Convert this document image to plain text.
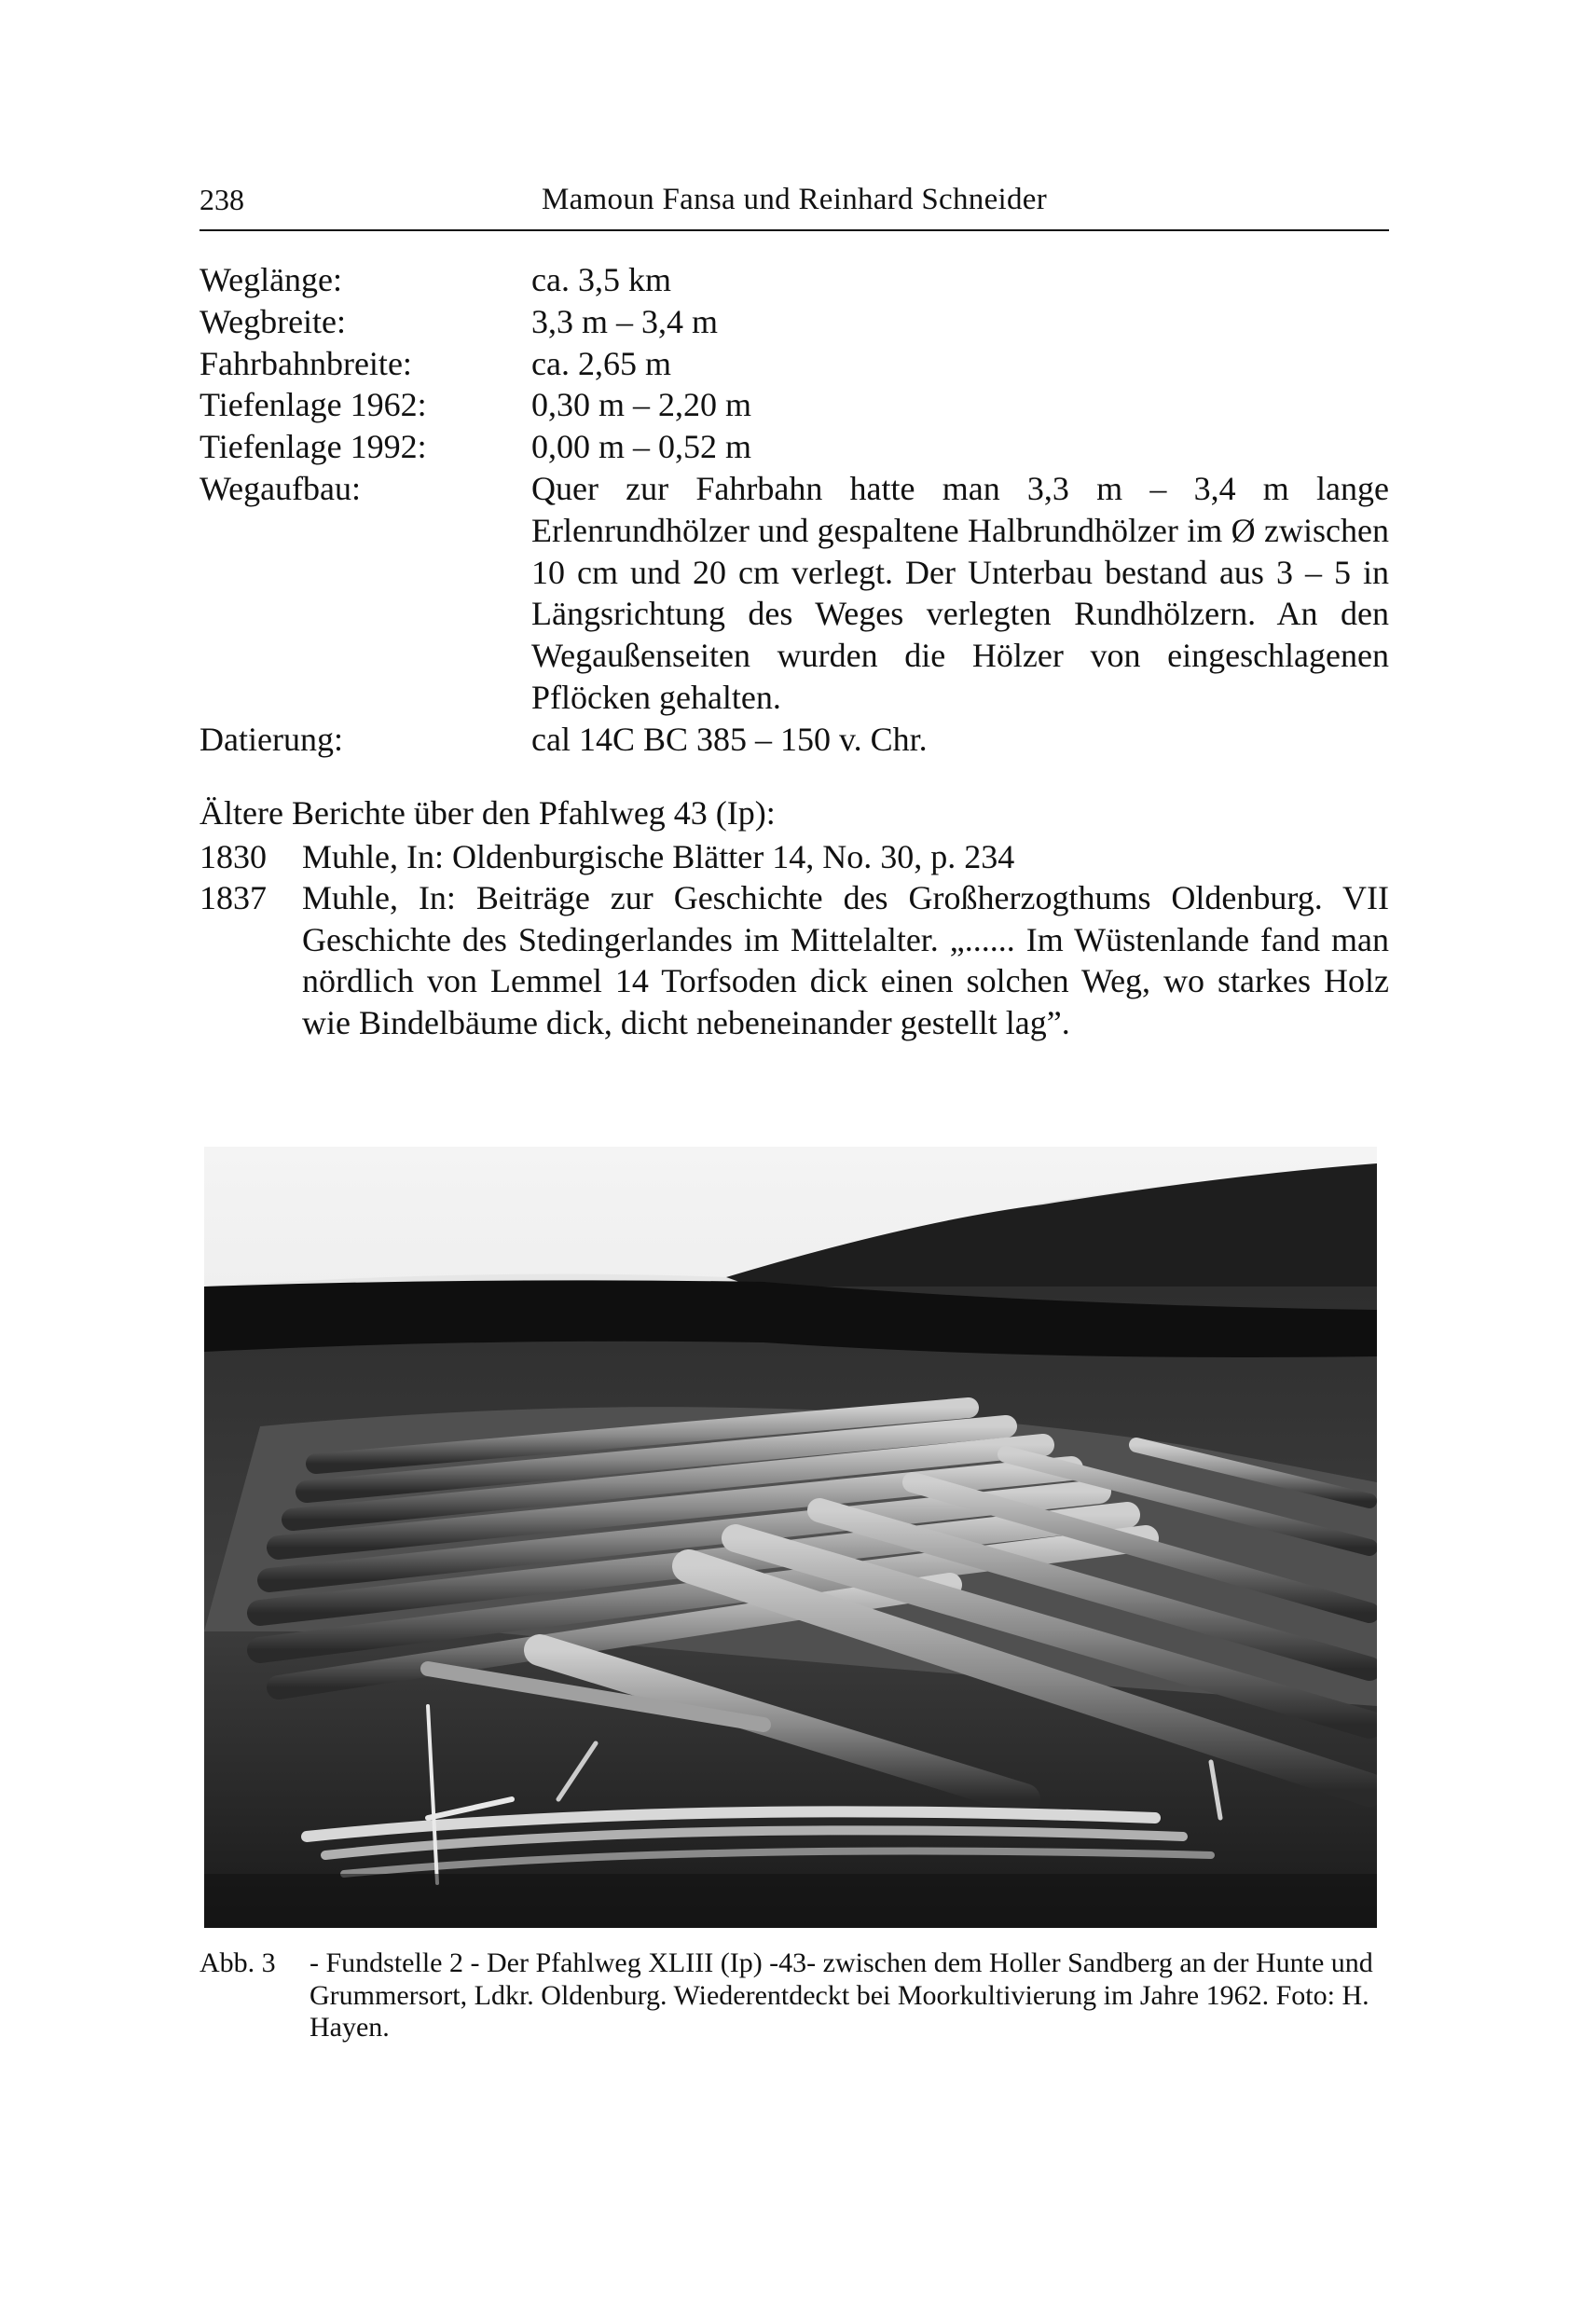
238	Mamoun Fansa und Reinhard Schneider
Weglänge:	ca. 3,5 km
Wegbreite:	3,3 m – 3,4 m
Fahrbahnbreite:	ca. 2,65 m
Tiefenlage 1962:	0,30 m – 2,20 m
Tiefenlage 1992:	0,00 m – 0,52 m
Wegaufbau:	Quer zur Fahrbahn hatte man 3,3 m – 3,4 m lange Erlenrundhölzer und gespaltene Halbrundhölzer im Ø zwischen 10 cm und 20 cm verlegt. Der Unterbau bestand aus 3 – 5 in Längsrichtung des Weges verlegten Rundhölzern. An den Wegaußenseiten wurden die Hölzer von eingeschlagenen Pflöcken gehalten.
Datierung:	cal 14C BC 385 – 150 v. Chr.
Ältere Berichte über den Pfahlweg 43 (Ip):
1830	Muhle, In: Oldenburgische Blätter 14, No. 30, p. 234
1837	Muhle, In: Beiträge zur Geschichte des Großherzogthums Oldenburg. VII Geschichte des Stedingerlandes im Mittelalter. „...... Im Wüstenlande fand man nördlich von Lemmel 14 Torfsoden dick einen solchen Weg, wo starkes Holz wie Bindelbäume dick, dicht nebeneinander gestellt lag”.
Abb. 3	- Fundstelle 2 - Der Pfahlweg XLIII (Ip) -43- zwischen dem Holler Sandberg an der Hunte und Grummersort, Ldkr. Oldenburg. Wiederentdeckt bei Moorkultivierung im Jahre 1962. Foto: H. Hayen.
